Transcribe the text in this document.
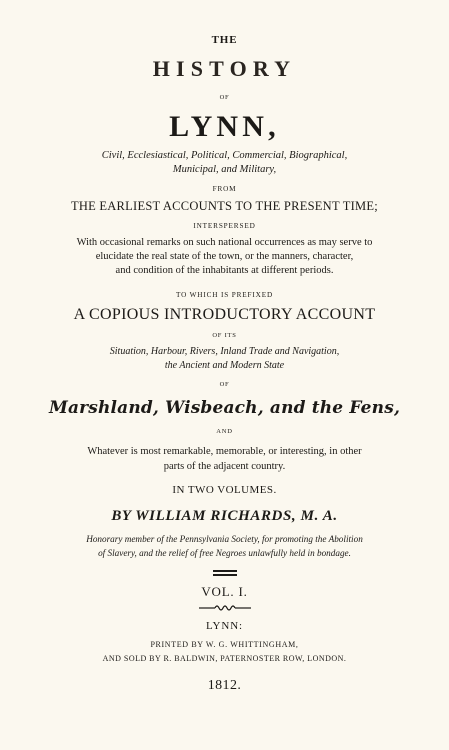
THE
HISTORY
OF
LYNN,
Civil, Ecclesiastical, Political, Commercial, Biographical,
Municipal, and Military,
FROM
THE EARLIEST ACCOUNTS TO THE PRESENT TIME;
INTERSPERSED
With occasional remarks on such national occurrences as may serve to
elucidate the real state of the town, or the manners, character,
and condition of the inhabitants at different periods.
TO WHICH IS PREFIXED
A COPIOUS INTRODUCTORY ACCOUNT
OF ITS
Situation, Harbour, Rivers, Inland Trade and Navigation,
the Ancient and Modern State
OF
Marshland, Wisbeach, and the Fens,
AND
Whatever is most remarkable, memorable, or interesting, in other
parts of the adjacent country.
IN TWO VOLUMES.
BY WILLIAM RICHARDS, M. A.
Honorary member of the Pennsylvania Society, for promoting the Abolition
of Slavery, and the relief of free Negroes unlawfully held in bondage.
VOL. I.
LYNN:
PRINTED BY W. G. WHITTINGHAM,
AND SOLD BY R. BALDWIN, PATERNOSTER ROW, LONDON.
1812.
